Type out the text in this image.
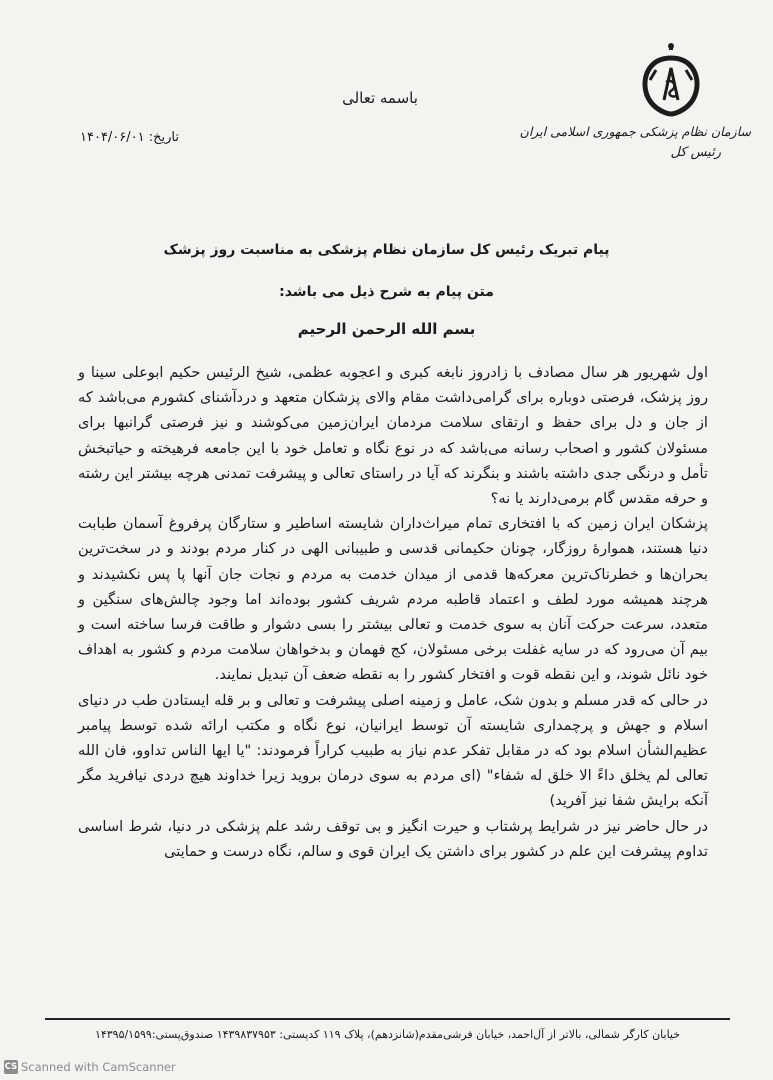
سازمان نظام پزشکی جمهوری اسلامی ایران
رئیس کل
باسمه تعالی
تاریخ: ۱۴۰۴/۰۶/۰۱
پیام تبریک رئیس کل سازمان نظام پزشکی به مناسبت روز پزشک
متن پیام به شرح ذیل می باشد:
بسم الله الرحمن الرحیم

اول شهریور هر سال مصادف با زادروز نابغه کبری و اعجوبه عظمی، شیخ الرئیس حکیم ابوعلی سینا و روز پزشک، فرصتی دوباره برای گرامی‌داشت مقام والای پزشکان متعهد و دردآشنای کشورم می‌باشد که از جان و دل برای حفظ و ارتقای سلامت مردمان ایران‌زمین می‌کوشند و نیز فرصتی گرانبها برای مسئولان کشور و اصحاب رسانه می‌باشد که در نوع نگاه و تعامل خود با این جامعه فرهیخته و حیاتبخش تأمل و درنگی جدی داشته باشند و بنگرند که آیا در راستای تعالی و پیشرفت تمدنی هرچه بیشتر این رشته و حرفه مقدس گام برمی‌دارند یا نه؟

پزشکان ایران زمین که با افتخاری تمام میراث‌داران شایسته اساطیر و ستارگان پرفروغ آسمان طبابت دنیا هستند، هموارهٔ روزگار، چونان حکیمانی قدسی و طبیبانی الهی در کنار مردم بودند و در سخت‌ترین بحران‌ها و خطرناک‌ترین معرکه‌ها قدمی از میدان خدمت به مردم و نجات جان آنها پا پس نکشیدند و هرچند همیشه مورد لطف و اعتماد قاطبه مردم شریف کشور بوده‌اند اما وجود چالش‌های سنگین و متعدد، سرعت حرکت آنان به سوی خدمت و تعالی بیشتر را بسی دشوار و طاقت فرسا ساخته است و بیم آن می‌رود که در سایه غفلت برخی مسئولان، کج فهمان و بدخواهان سلامت مردم و کشور به اهداف خود نائل شوند، و این نقطه قوت و افتخار کشور را به نقطه ضعف آن تبدیل نمایند.

در حالی که قدر مسلم و بدون شک، عامل و زمینه اصلی پیشرفت و تعالی و بر قله ایستادن طب در دنیای اسلام و جهش و پرچمداری شایسته آن توسط ایرانیان، نوع نگاه و مکتب ارائه شده توسط پیامبر عظیم‌الشأن اسلام بود که در مقابل تفکر عدم نیاز به طبیب کراراً فرمودند: "یا ایها الناس تداوو، فان الله تعالی لم یخلق داءً الا خلق له شفاء" (ای مردم به سوی درمان بروید زیرا خداوند هیچ دردی نیافرید مگر آنکه برایش شفا نیز آفرید)

در حال حاضر نیز در شرایط پرشتاب و حیرت انگیز و بی توقف رشد علم پزشکی در دنیا، شرط اساسی تداوم پیشرفت این علم در کشور برای داشتن یک ایران قوی و سالم، نگاه درست و حمایتی

خیابان کارگر شمالی، بالاتر از آل‌احمد، خیابان فرشی‌مقدم(شانزدهم)، پلاک ۱۱۹ کدپستی: ۱۴۳۹۸۳۷۹۵۳ صندوق‌پستی:۱۴۳۹۵/۱۵۹۹
CS Scanned with CamScanner
